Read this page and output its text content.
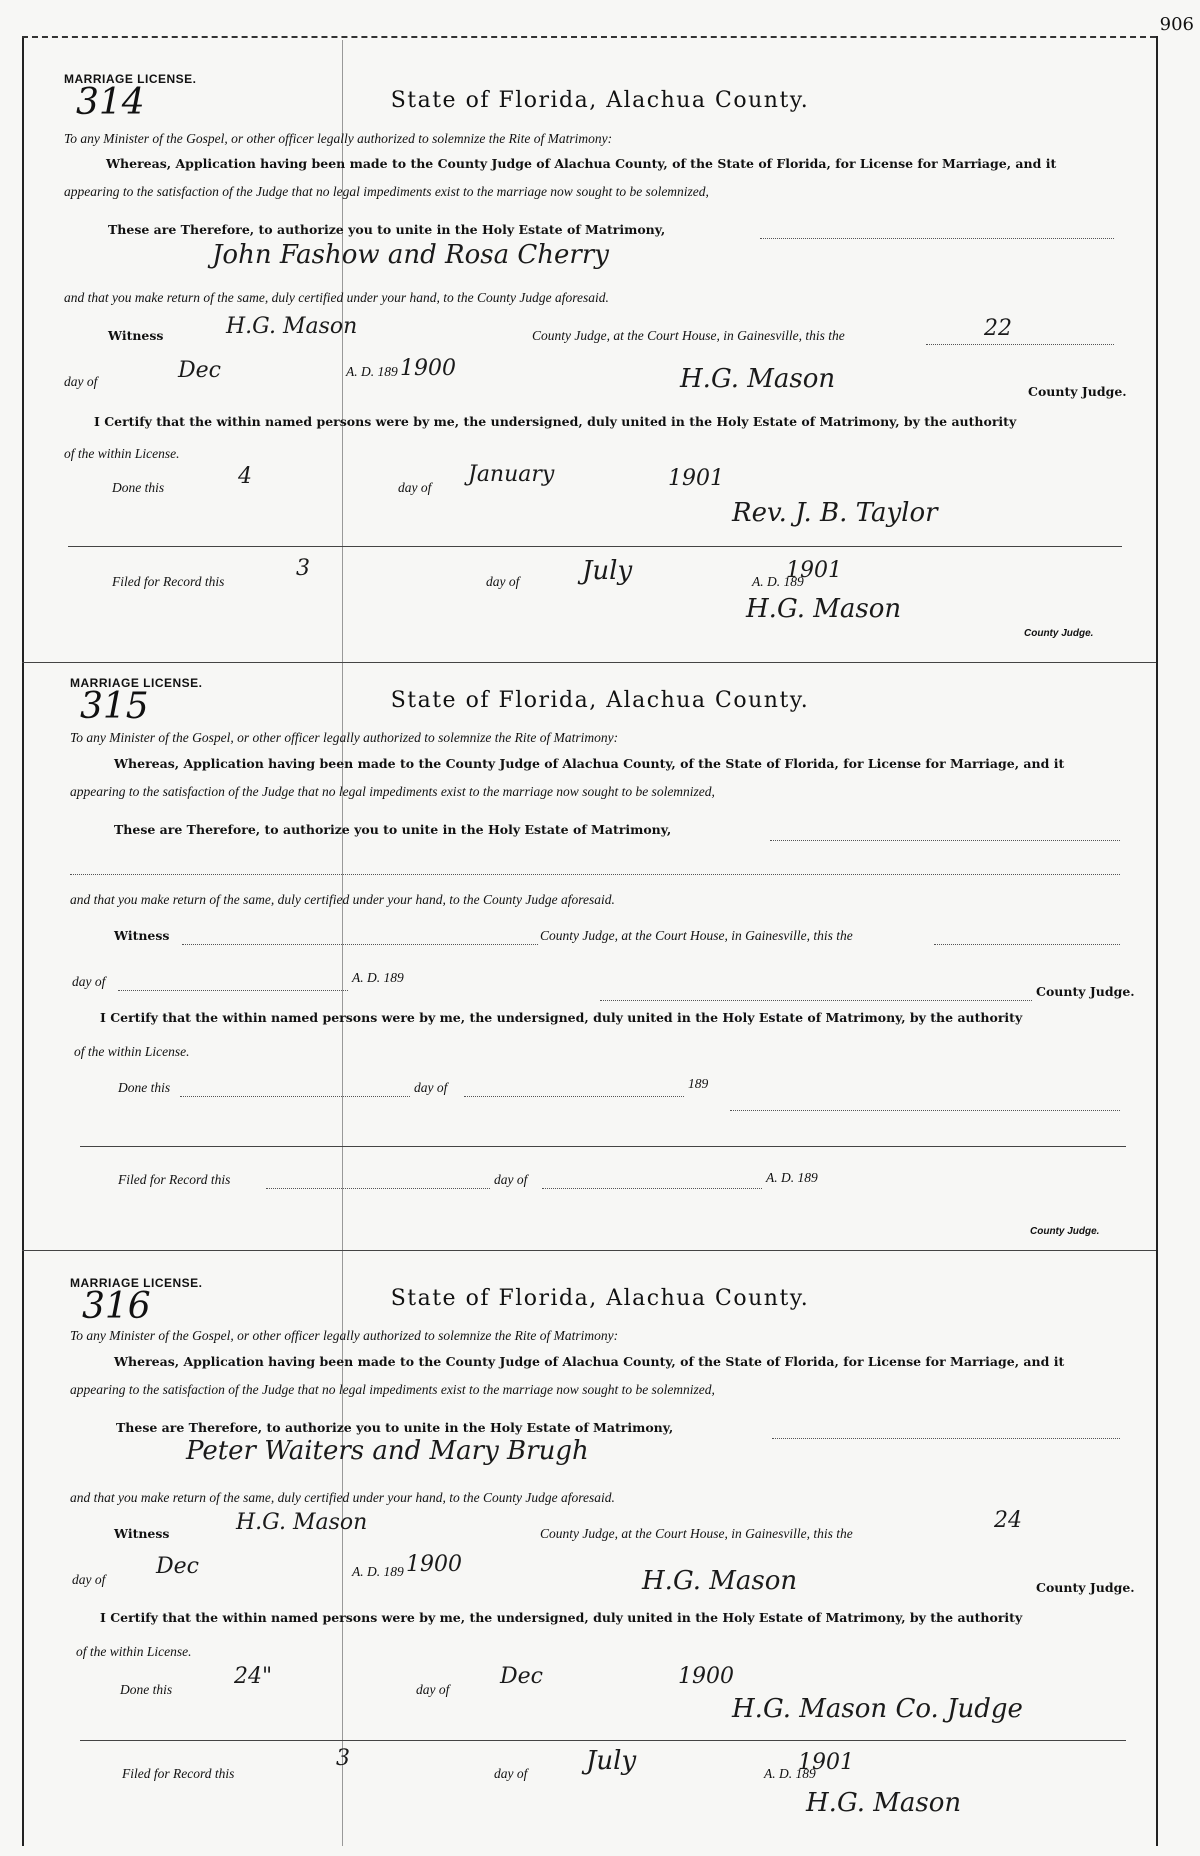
906
MARRIAGE LICENSE.
314	State of Florida, Alachua County.
To any Minister of the Gospel, or other officer legally authorized to solemnize the Rite of Matrimony:
Whereas, Application having been made to the County Judge of Alachua County, of the State of Florida, for License for Marriage, and it
appearing to the satisfaction of the Judge that no legal impediments exist to the marriage now sought to be solemnized,
These are Therefore, to authorize you to unite in the Holy Estate of Matrimony,
John Fashow and Rosa Cherry
and that you make return of the same, duly certified under your hand, to the County Judge aforesaid.
Witness	H.G. Mason	County Judge, at the Court House, in Gainesville, this the	22
day of	Dec	A. D. 189 1900	H.G. Mason	County Judge.
I Certify that the within named persons were by me, the undersigned, duly united in the Holy Estate of Matrimony, by the authority
of the within License.
Done this	4	day of
January	1901
Rev. J. B. Taylor
Filed for Record this
3
day of July	A. D. 189
1901
H.G. Mason
County Judge.
MARRIAGE LICENSE.
315	State of Florida, Alachua County.
To any Minister of the Gospel, or other officer legally authorized to solemnize the Rite of Matrimony:
Whereas, Application having been made to the County Judge of Alachua County, of the State of Florida, for License for Marriage, and it
appearing to the satisfaction of the Judge that no legal impediments exist to the marriage now sought to be solemnized,
These are Therefore, to authorize you to unite in the Holy Estate of Matrimony,
and that you make return of the same, duly certified under your hand, to the County Judge aforesaid.
Witness	County Judge, at the Court House, in Gainesville, this the
day of	A. D. 189
County Judge.
I Certify that the within named persons were by me, the undersigned, duly united in the Holy Estate of Matrimony, by the authority
of the within License.
Done this	day of	189
Filed for Record this	day of	A. D. 189
County Judge.
MARRIAGE LICENSE.
316	State of Florida, Alachua County.
To any Minister of the Gospel, or other officer legally authorized to solemnize the Rite of Matrimony:
Whereas, Application having been made to the County Judge of Alachua County, of the State of Florida, for License for Marriage, and it
appearing to the satisfaction of the Judge that no legal impediments exist to the marriage now sought to be solemnized,
These are Therefore, to authorize you to unite in the Holy Estate of Matrimony,
Peter Waiters and Mary Brugh
and that you make return of the same, duly certified under your hand, to the County Judge aforesaid.
Witness	H.G. Mason	County Judge, at the Court House, in Gainesville, this the
24
day of
Dec	A. D. 189 1900
H.G. Mason	County Judge.
I Certify that the within named persons were by me, the undersigned, duly united in the Holy Estate of Matrimony, by the authority
of the within License.
Done this
24"
day of
Dec	1900
H.G. Mason Co. Judge
Filed for Record this
3
day of July	A. D. 189
1901
H.G. Mason
